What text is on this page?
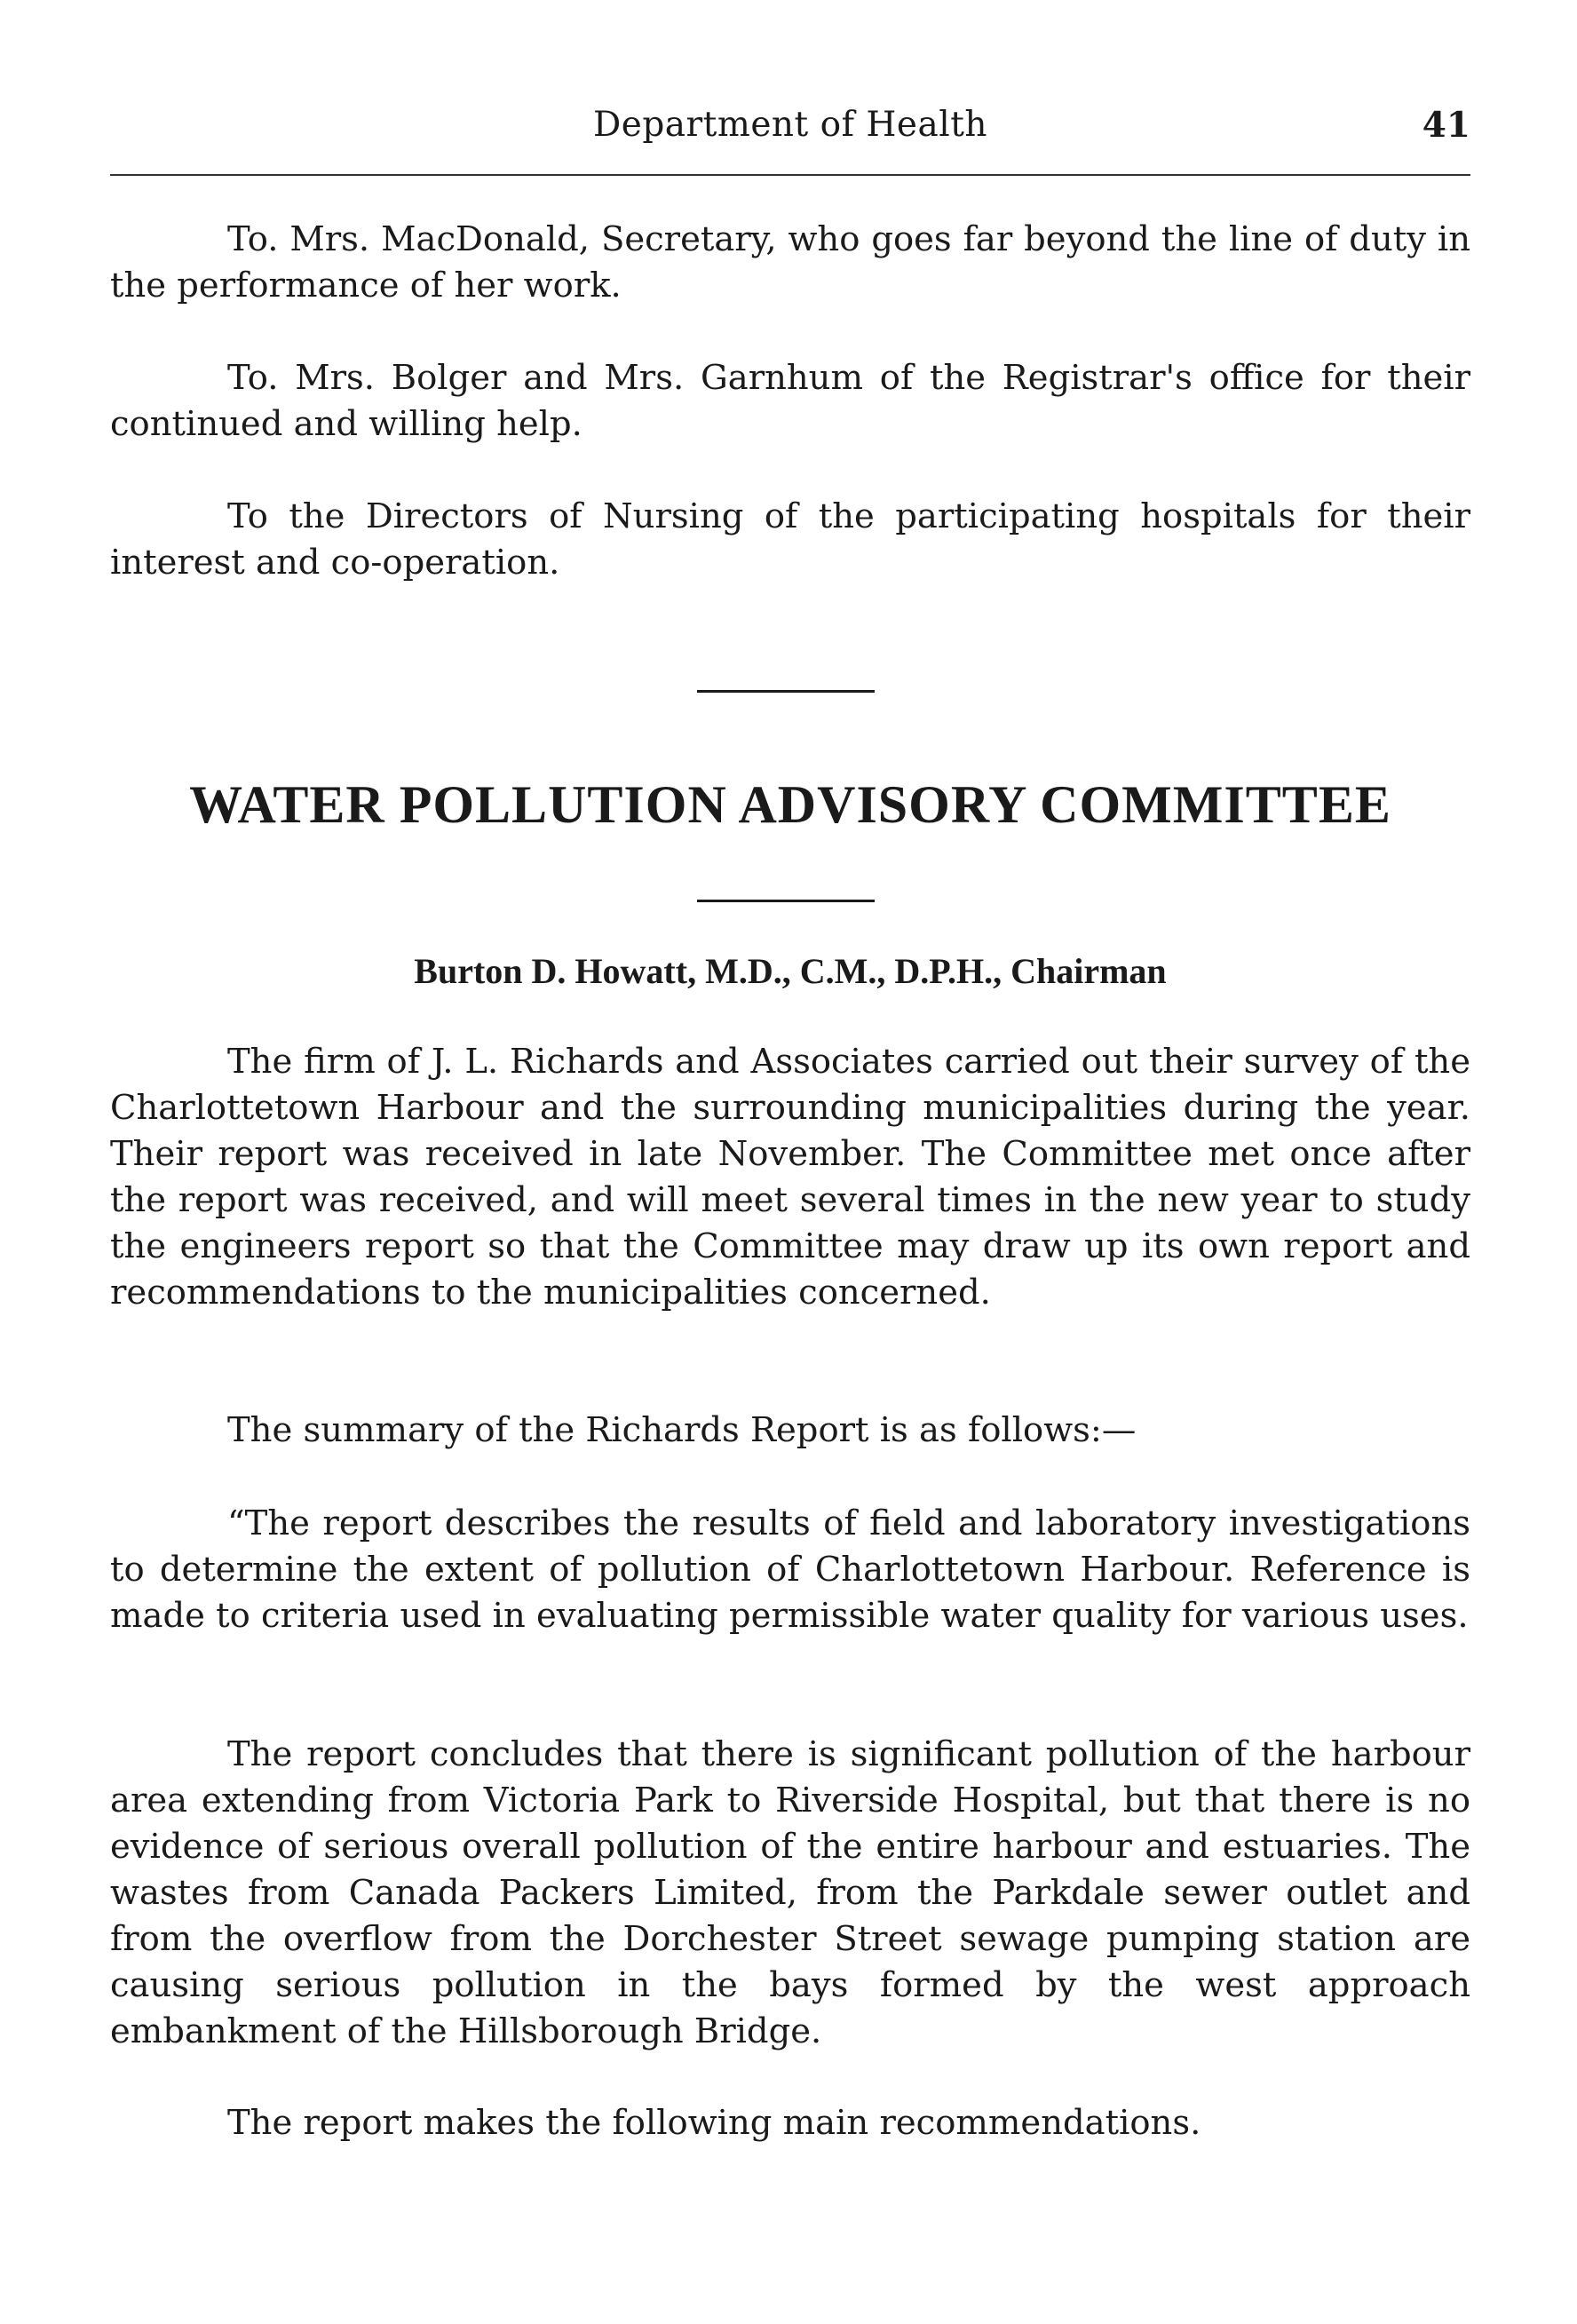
Department of Health	41

To. Mrs. MacDonald, Secretary, who goes far beyond the line of duty in the performance of her work.

To. Mrs. Bolger and Mrs. Garnhum of the Registrar's office for their continued and willing help.

To the Directors of Nursing of the participating hospitals for their interest and co-operation.

WATER POLLUTION ADVISORY COMMITTEE
Burton D. Howatt, M.D., C.M., D.P.H., Chairman

The firm of J. L. Richards and Associates carried out their survey of the Charlottetown Harbour and the surrounding municipalities during the year. Their report was received in late November. The Committee met once after the report was received, and will meet several times in the new year to study the engineers report so that the Committee may draw up its own report and recommendations to the municipalities concerned.

The summary of the Richards Report is as follows:—

“The report describes the results of field and laboratory investigations to determine the extent of pollution of Charlottetown Harbour. Reference is made to criteria used in evaluating permissible water quality for various uses.

The report concludes that there is significant pollution of the harbour area extending from Victoria Park to Riverside Hospital, but that there is no evidence of serious overall pollution of the entire harbour and estuaries. The wastes from Canada Packers Limited, from the Parkdale sewer outlet and from the overflow from the Dorchester Street sewage pumping station are causing serious pollution in the bays formed by the west approach embankment of the Hillsborough Bridge.

The report makes the following main recommendations.
